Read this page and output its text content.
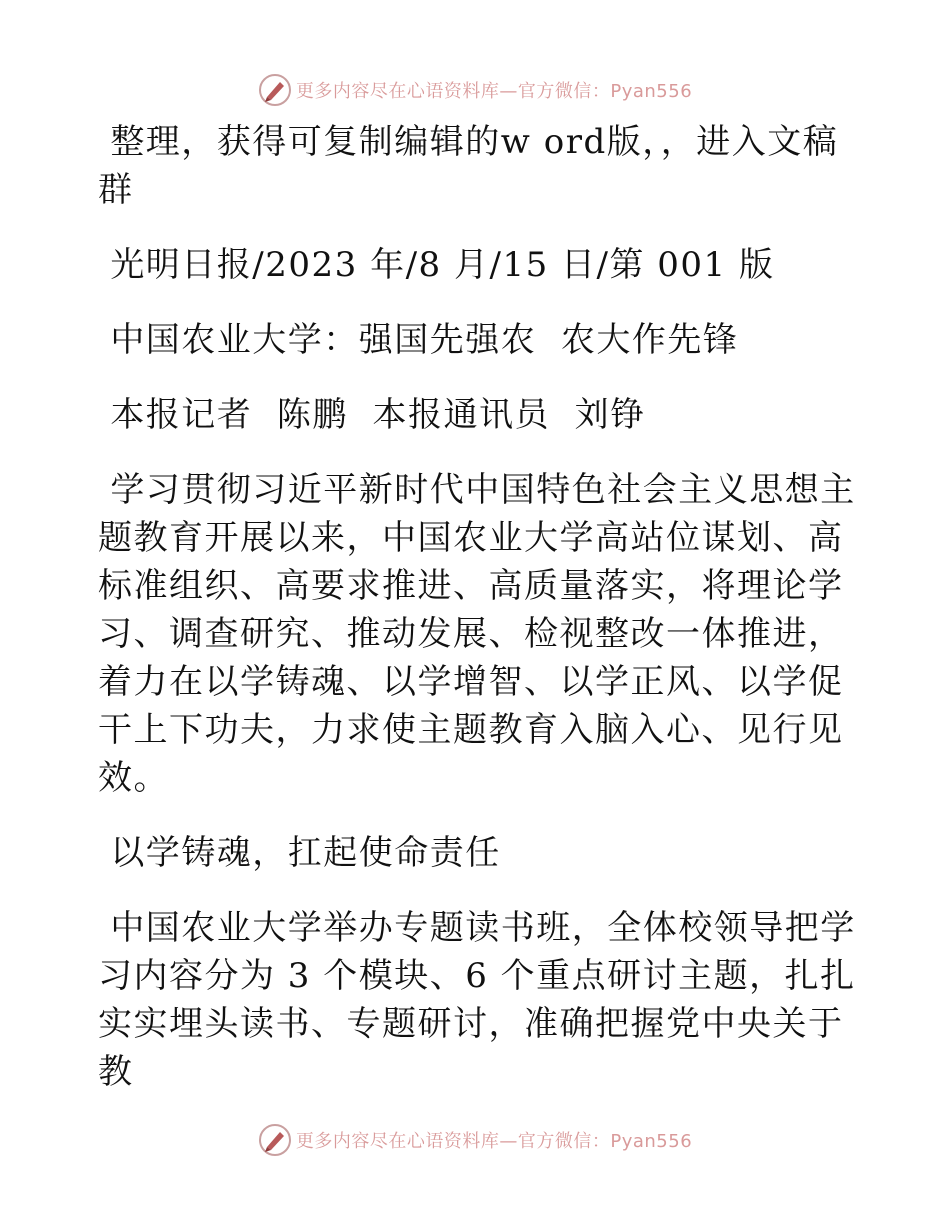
更多内容尽在心语资料库—官方微信：Pyan556

整理，获得可复制编辑的w ord版，，进入文稿群

光明日报/2023 年/8 月/15 日/第 001 版

中国农业大学：强国先强农  农大作先锋

本报记者  陈鹏  本报通讯员  刘铮

学习贯彻习近平新时代中国特色社会主义思想主题教育开展以来，中国农业大学高站位谋划、高标准组织、高要求推进、高质量落实，将理论学习、调查研究、推动发展、检视整改一体推进，着力在以学铸魂、以学增智、以学正风、以学促干上下功夫，力求使主题教育入脑入心、见行见效。

以学铸魂，扛起使命责任

中国农业大学举办专题读书班，全体校领导把学习内容分为 3 个模块、6 个重点研讨主题，扎扎实实埋头读书、专题研讨，准确把握党中央关于教

更多内容尽在心语资料库—官方微信：Pyan556
